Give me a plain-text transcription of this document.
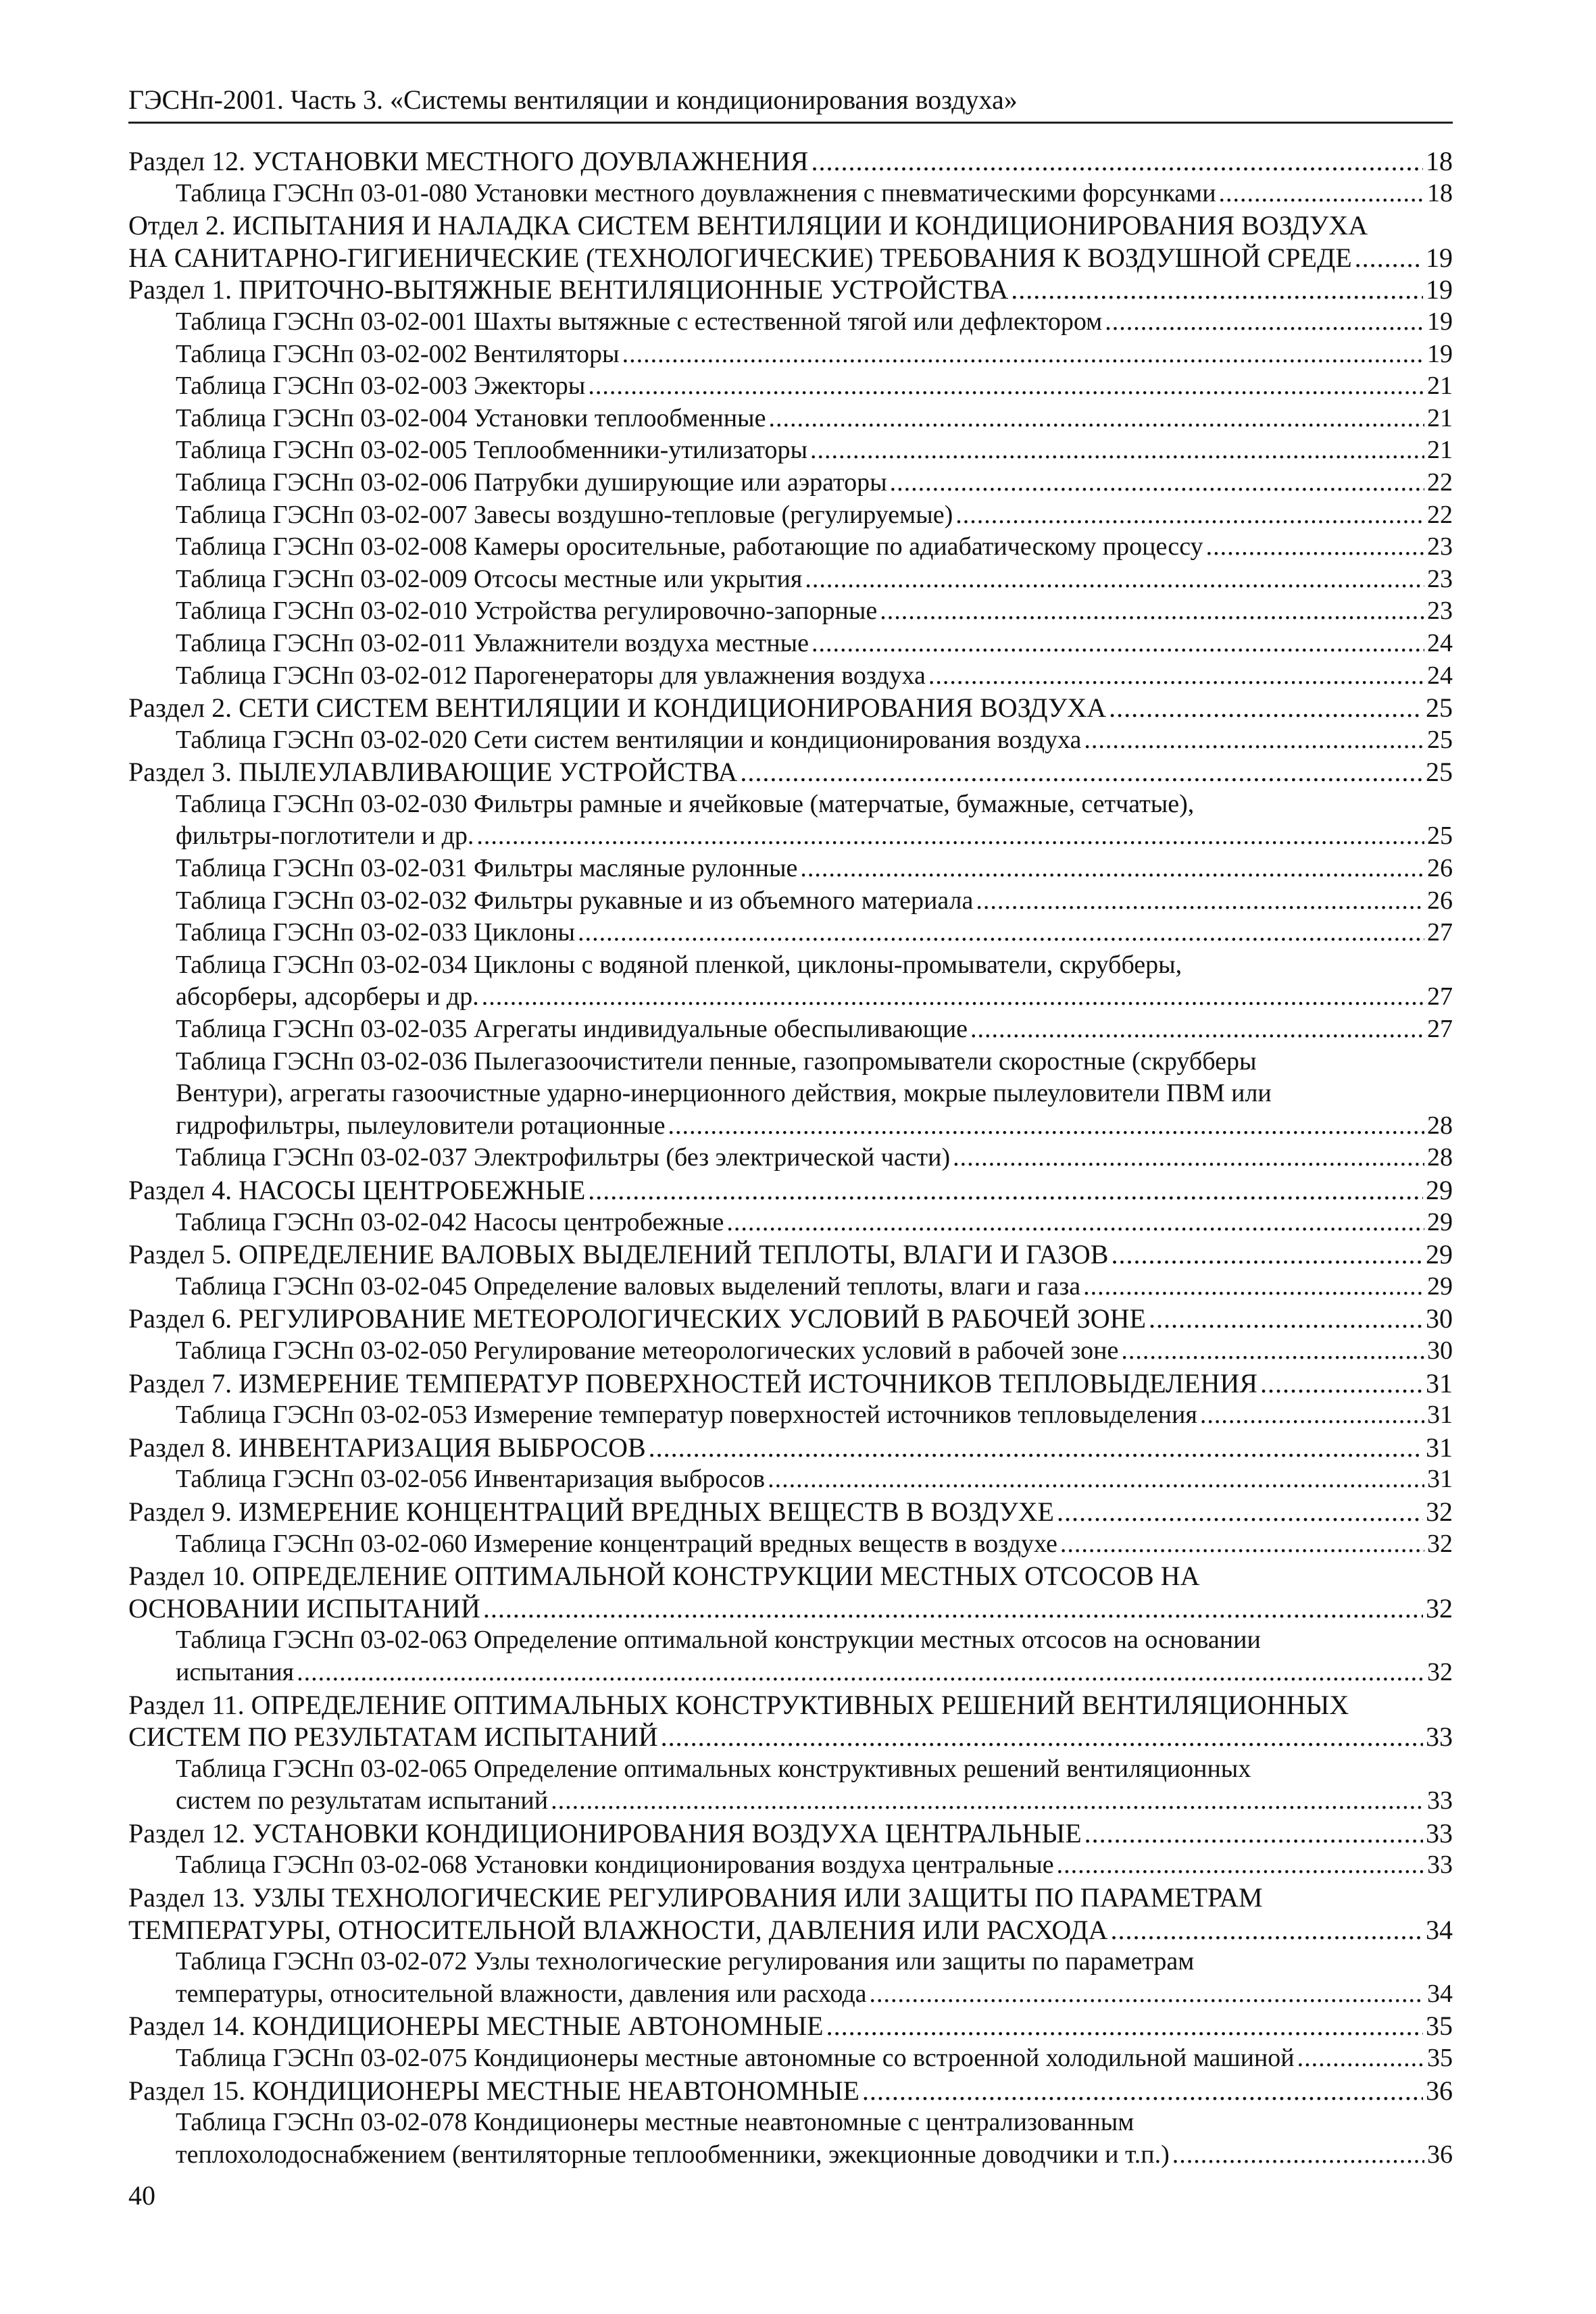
ГЭСНп-2001. Часть 3. «Системы вентиляции и кондиционирования воздуха»
Раздел 12. УСТАНОВКИ МЕСТНОГО ДОУВЛАЖНЕНИЯ .....	18
Таблица ГЭСНп 03-01-080 Установки местного доувлажнения с пневматическими форсунками .....	18
Отдел 2. ИСПЫТАНИЯ И НАЛАДКА СИСТЕМ ВЕНТИЛЯЦИИ И КОНДИЦИОНИРОВАНИЯ ВОЗДУХА
НА САНИТАРНО-ГИГИЕНИЧЕСКИЕ (ТЕХНОЛОГИЧЕСКИЕ) ТРЕБОВАНИЯ К ВОЗДУШНОЙ СРЕДЕ .....	19
Раздел 1. ПРИТОЧНО-ВЫТЯЖНЫЕ ВЕНТИЛЯЦИОННЫЕ УСТРОЙСТВА .....	19
Таблица ГЭСНп 03-02-001 Шахты вытяжные с естественной тягой или дефлектором .....	19
Таблица ГЭСНп 03-02-002 Вентиляторы .....	19
Таблица ГЭСНп 03-02-003 Эжекторы .....	21
Таблица ГЭСНп 03-02-004 Установки теплообменные .....	21
Таблица ГЭСНп 03-02-005 Теплообменники-утилизаторы .....	21
Таблица ГЭСНп 03-02-006 Патрубки душирующие или аэраторы .....	22
Таблица ГЭСНп 03-02-007 Завесы воздушно-тепловые (регулируемые) .....	22
Таблица ГЭСНп 03-02-008 Камеры оросительные, работающие по адиабатическому процессу .....	23
Таблица ГЭСНп 03-02-009 Отсосы местные или укрытия .....	23
Таблица ГЭСНп 03-02-010 Устройства регулировочно-запорные .....	23
Таблица ГЭСНп 03-02-011 Увлажнители воздуха местные .....	24
Таблица ГЭСНп 03-02-012 Парогенераторы для увлажнения воздуха .....	24
Раздел 2. СЕТИ СИСТЕМ ВЕНТИЛЯЦИИ И КОНДИЦИОНИРОВАНИЯ ВОЗДУХА .....	25
Таблица ГЭСНп 03-02-020 Сети систем вентиляции и кондиционирования воздуха .....	25
Раздел 3. ПЫЛЕУЛАВЛИВАЮЩИЕ УСТРОЙСТВА .....	25
Таблица ГЭСНп 03-02-030 Фильтры рамные и ячейковые (матерчатые, бумажные, сетчатые),
фильтры-поглотители и др. .....	25
Таблица ГЭСНп 03-02-031 Фильтры масляные рулонные .....	26
Таблица ГЭСНп 03-02-032 Фильтры рукавные и из объемного материала .....	26
Таблица ГЭСНп 03-02-033 Циклоны .....	27
Таблица ГЭСНп 03-02-034 Циклоны с водяной пленкой, циклоны-промыватели, скрубберы,
абсорберы, адсорберы и др. .....	27
Таблица ГЭСНп 03-02-035 Агрегаты индивидуальные обеспыливающие .....	27
Таблица ГЭСНп 03-02-036 Пылегазоочистители пенные, газопромыватели скоростные (скрубберы
Вентури), агрегаты газоочистные ударно-инерционного действия, мокрые пылеуловители ПВМ или
гидрофильтры, пылеуловители ротационные .....	28
Таблица ГЭСНп 03-02-037 Электрофильтры (без электрической части) .....	28
Раздел 4. НАСОСЫ ЦЕНТРОБЕЖНЫЕ .....	29
Таблица ГЭСНп 03-02-042 Насосы центробежные .....	29
Раздел 5. ОПРЕДЕЛЕНИЕ ВАЛОВЫХ ВЫДЕЛЕНИЙ ТЕПЛОТЫ, ВЛАГИ И ГАЗОВ .....	29
Таблица ГЭСНп 03-02-045 Определение валовых выделений теплоты, влаги и газа .....	29
Раздел 6. РЕГУЛИРОВАНИЕ МЕТЕОРОЛОГИЧЕСКИХ УСЛОВИЙ В РАБОЧЕЙ ЗОНЕ .....	30
Таблица ГЭСНп 03-02-050 Регулирование метеорологических условий в рабочей зоне .....	30
Раздел 7. ИЗМЕРЕНИЕ ТЕМПЕРАТУР ПОВЕРХНОСТЕЙ ИСТОЧНИКОВ ТЕПЛОВЫДЕЛЕНИЯ .....	31
Таблица ГЭСНп 03-02-053 Измерение температур поверхностей источников тепловыделения .....	31
Раздел 8. ИНВЕНТАРИЗАЦИЯ ВЫБРОСОВ .....	31
Таблица ГЭСНп 03-02-056 Инвентаризация выбросов .....	31
Раздел 9. ИЗМЕРЕНИЕ КОНЦЕНТРАЦИЙ ВРЕДНЫХ ВЕЩЕСТВ В ВОЗДУХЕ .....	32
Таблица ГЭСНп 03-02-060 Измерение концентраций вредных веществ в воздухе .....	32
Раздел 10. ОПРЕДЕЛЕНИЕ ОПТИМАЛЬНОЙ КОНСТРУКЦИИ МЕСТНЫХ ОТСОСОВ НА
ОСНОВАНИИ ИСПЫТАНИЙ .....	32
Таблица ГЭСНп 03-02-063 Определение оптимальной конструкции местных отсосов на основании
испытания .....	32
Раздел 11. ОПРЕДЕЛЕНИЕ ОПТИМАЛЬНЫХ КОНСТРУКТИВНЫХ РЕШЕНИЙ ВЕНТИЛЯЦИОННЫХ
СИСТЕМ ПО РЕЗУЛЬТАТАМ ИСПЫТАНИЙ .....	33
Таблица ГЭСНп 03-02-065 Определение оптимальных конструктивных решений вентиляционных
систем по результатам испытаний .....	33
Раздел 12. УСТАНОВКИ КОНДИЦИОНИРОВАНИЯ ВОЗДУХА ЦЕНТРАЛЬНЫЕ .....	33
Таблица ГЭСНп 03-02-068 Установки кондиционирования воздуха центральные .....	33
Раздел 13. УЗЛЫ ТЕХНОЛОГИЧЕСКИЕ РЕГУЛИРОВАНИЯ ИЛИ ЗАЩИТЫ ПО ПАРАМЕТРАМ
ТЕМПЕРАТУРЫ, ОТНОСИТЕЛЬНОЙ ВЛАЖНОСТИ, ДАВЛЕНИЯ ИЛИ РАСХОДА .....	34
Таблица ГЭСНп 03-02-072 Узлы технологические регулирования или защиты по параметрам
температуры, относительной влажности, давления или расхода .....	34
Раздел 14. КОНДИЦИОНЕРЫ МЕСТНЫЕ АВТОНОМНЫЕ .....	35
Таблица ГЭСНп 03-02-075 Кондиционеры местные автономные со встроенной холодильной машиной .....	35
Раздел 15. КОНДИЦИОНЕРЫ МЕСТНЫЕ НЕАВТОНОМНЫЕ .....	36
Таблица ГЭСНп 03-02-078 Кондиционеры местные неавтономные с централизованным
теплохолодоснабжением (вентиляторные теплообменники, эжекционные доводчики и т.п.) .....	36
40
